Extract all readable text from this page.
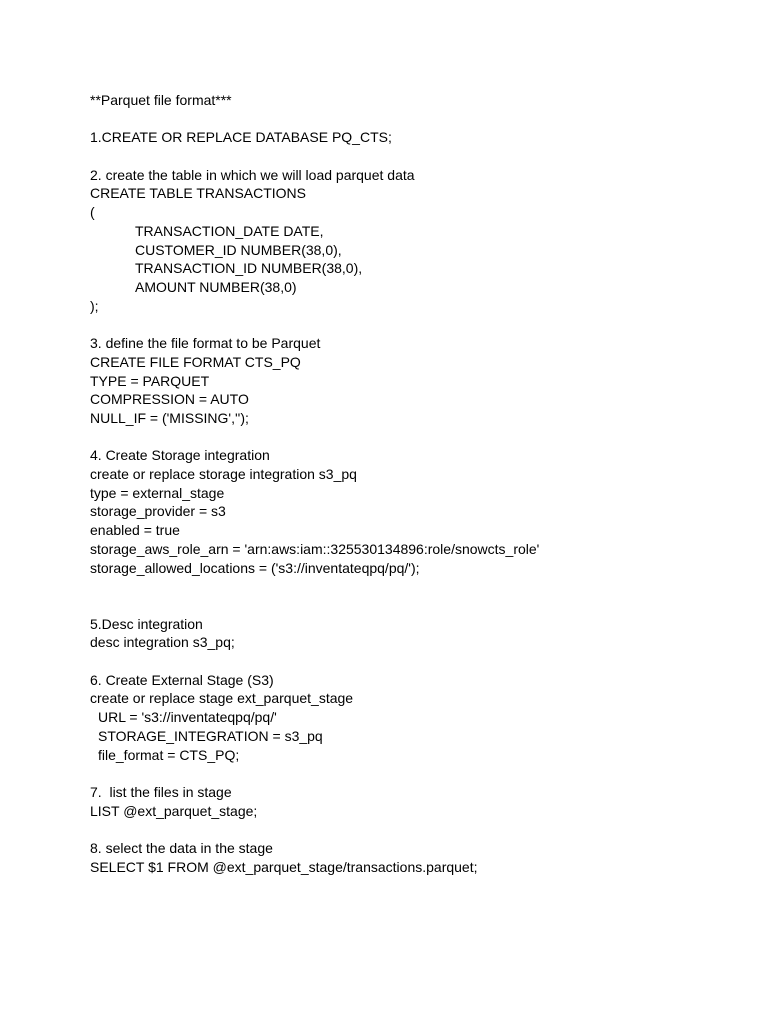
**Parquet file format***
1.CREATE OR REPLACE DATABASE PQ_CTS;
2. create the table in which we will load parquet data
CREATE TABLE TRANSACTIONS
(
TRANSACTION_DATE DATE,
CUSTOMER_ID NUMBER(38,0),
TRANSACTION_ID NUMBER(38,0),
AMOUNT NUMBER(38,0)
);
3. define the file format to be Parquet
CREATE FILE FORMAT CTS_PQ
TYPE = PARQUET
COMPRESSION = AUTO
NULL_IF = ('MISSING','');
4. Create Storage integration
create or replace storage integration s3_pq
type = external_stage
storage_provider = s3
enabled = true
storage_aws_role_arn = 'arn:aws:iam::325530134896:role/snowcts_role'
storage_allowed_locations = ('s3://inventateqpq/pq/');
5.Desc integration
desc integration s3_pq;
6. Create External Stage (S3)
create or replace stage ext_parquet_stage
URL = 's3://inventateqpq/pq/'
STORAGE_INTEGRATION = s3_pq
file_format = CTS_PQ;
7.  list the files in stage
LIST @ext_parquet_stage;
8. select the data in the stage
SELECT $1 FROM @ext_parquet_stage/transactions.parquet;
